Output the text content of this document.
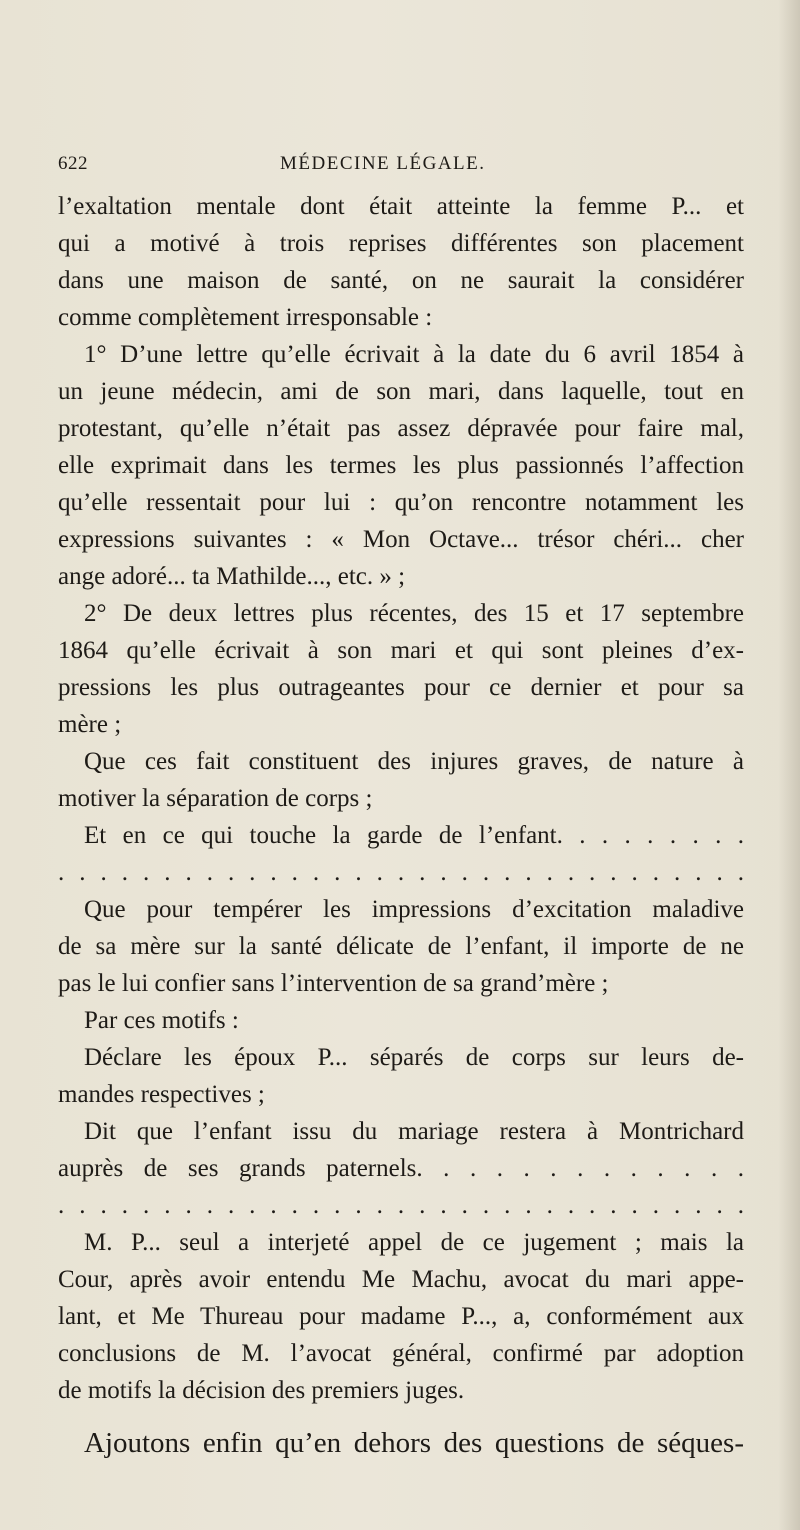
622	MÉDECINE LÉGALE.
l’exaltation mentale dont était atteinte la femme P... et
qui a motivé à trois reprises différentes son placement
dans une maison de santé, on ne saurait la considérer
comme complètement irresponsable :
1° D’une lettre qu’elle écrivait à la date du 6 avril 1854 à
un jeune médecin, ami de son mari, dans laquelle, tout en
protestant, qu’elle n’était pas assez dépravée pour faire mal,
elle exprimait dans les termes les plus passionnés l’affection
qu’elle ressentait pour lui : qu’on rencontre notamment les
expressions suivantes : « Mon Octave... trésor chéri... cher
ange adoré... ta Mathilde..., etc. » ;
2° De deux lettres plus récentes, des 15 et 17 septembre
1864 qu’elle écrivait à son mari et qui sont pleines d’ex-
pressions les plus outrageantes pour ce dernier et pour sa
mère ;
Que ces fait constituent des injures graves, de nature à
motiver la séparation de corps ;
Et en ce qui touche la garde de l’enfant. . . . . . . . .
. . . . . . . . . . . . . . . . . . . . . . . . . . . . . . . . .
Que pour tempérer les impressions d’excitation maladive
de sa mère sur la santé délicate de l’enfant, il importe de ne
pas le lui confier sans l’intervention de sa grand’mère ;
Par ces motifs :
Déclare les époux P... séparés de corps sur leurs de-
mandes respectives ;
Dit que l’enfant issu du mariage restera à Montrichard
auprès de ses grands paternels. . . . . . . . . . . . .
. . . . . . . . . . . . . . . . . . . . . . . . . . . . . . . . .
M. P... seul a interjeté appel de ce jugement ; mais la
Cour, après avoir entendu Me Machu, avocat du mari appe-
lant, et Me Thureau pour madame P..., a, conformément aux
conclusions de M. l’avocat général, confirmé par adoption
de motifs la décision des premiers juges.
Ajoutons enfin qu’en dehors des questions de séques-
